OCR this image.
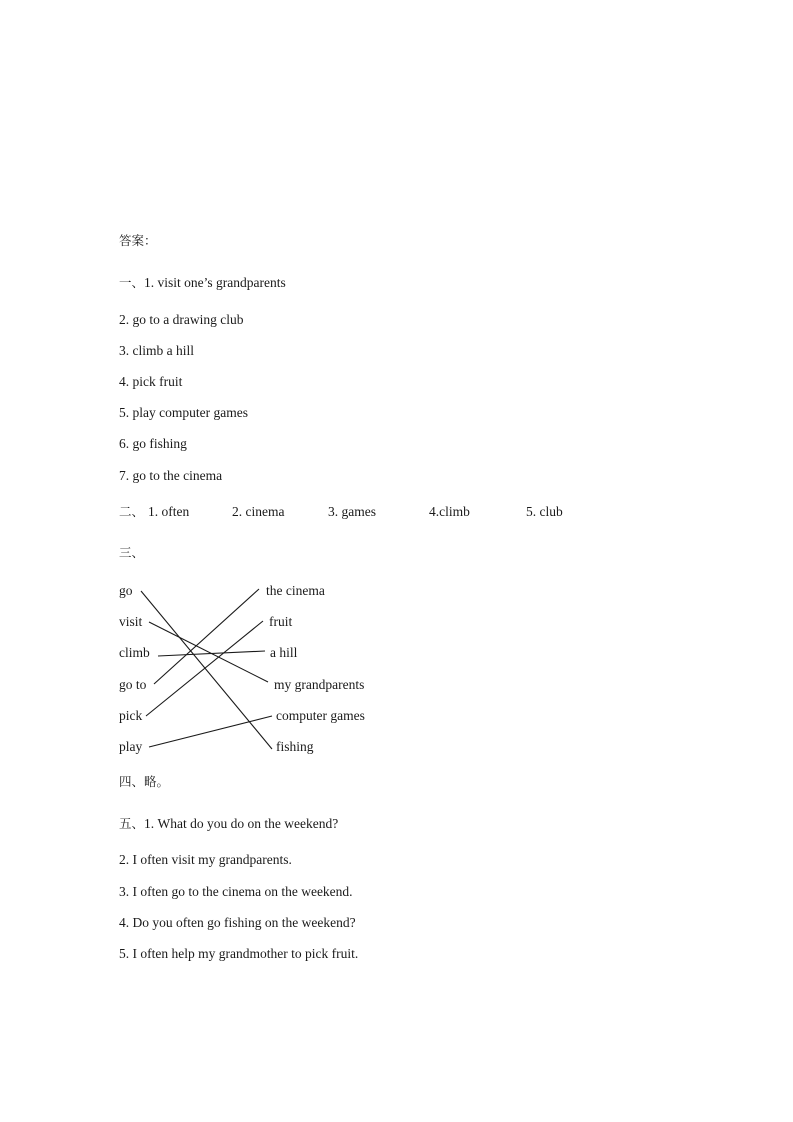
答案：
一、1. visit one’s grandparents
2. go to a drawing club
3. climb a hill
4. pick fruit
5. play computer games
6. go fishing
7. go to the cinema
二、 1. often	2. cinema	3. games	4.climb	5. club
三、
go
visit
climb
go to
pick
play
the cinema
fruit
a hill
my grandparents
computer games
fishing
四、略。
五、1. What do you do on the weekend?
2. I often visit my grandparents.
3. I often go to the cinema on the weekend.
4. Do you often go fishing on the weekend?
5. I often help my grandmother to pick fruit.
